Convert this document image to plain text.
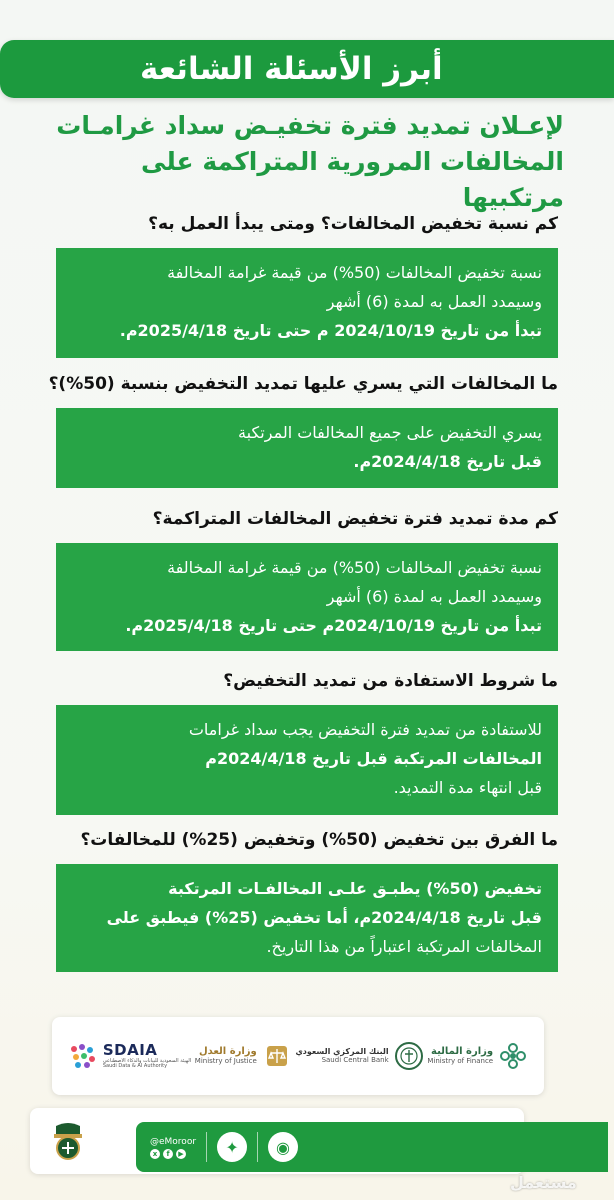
أبرز الأسئلة الشائعة
لإعـلان تمديد فترة تخفيـض سداد غرامـات
المخالفات المرورية المتراكمة على مرتكبيها
كم نسبة تخفيض المخالفات؟ ومتى يبدأ العمل به؟
نسبة تخفيض المخالفات (50%) من قيمة غرامة المخالفة
وسيمدد العمل به لمدة (6) أشهر
تبدأ من تاريخ 2024/10/19 م حتى تاريخ 2025/4/18م.
ما المخالفات التي يسري عليها تمديد التخفيض بنسبة (50%)؟
يسري التخفيض على جميع المخالفات المرتكبة
قبل تاريخ 2024/4/18م.
كم مدة تمديد فترة تخفيض المخالفات المتراكمة؟
نسبة تخفيض المخالفات (50%) من قيمة غرامة المخالفة
وسيمدد العمل به لمدة (6) أشهر
تبدأ من تاريخ 2024/10/19م حتى تاريخ 2025/4/18م.
ما شروط الاستفادة من تمديد التخفيض؟
للاستفادة من تمديد فترة التخفيض يجب سداد غرامات
المخالفات المرتكبة قبل تاريخ 2024/4/18م
قبل انتهاء مدة التمديد.
ما الفرق بين تخفيض (50%) وتخفيض (25%) للمخالفات؟
تخفيض (50%) يطبـق علـى المخالفـات المرتكبة
قبل تاريخ 2024/4/18م، أما تخفيض (25%) فيطبق على
المخالفات المرتكبة اعتباراً من هذا التاريخ.
SDAIA
الهيئة السعودية للبيانات والذكاء الاصطناعي
Saudi Data & AI Authority
وزارة العدل
Ministry of Justice
البنك المركزي السعودي
Saudi Central Bank
وزارة المالية
Ministry of Finance
@eMoroor
x	f	▶	✦	◉
مستعمل
